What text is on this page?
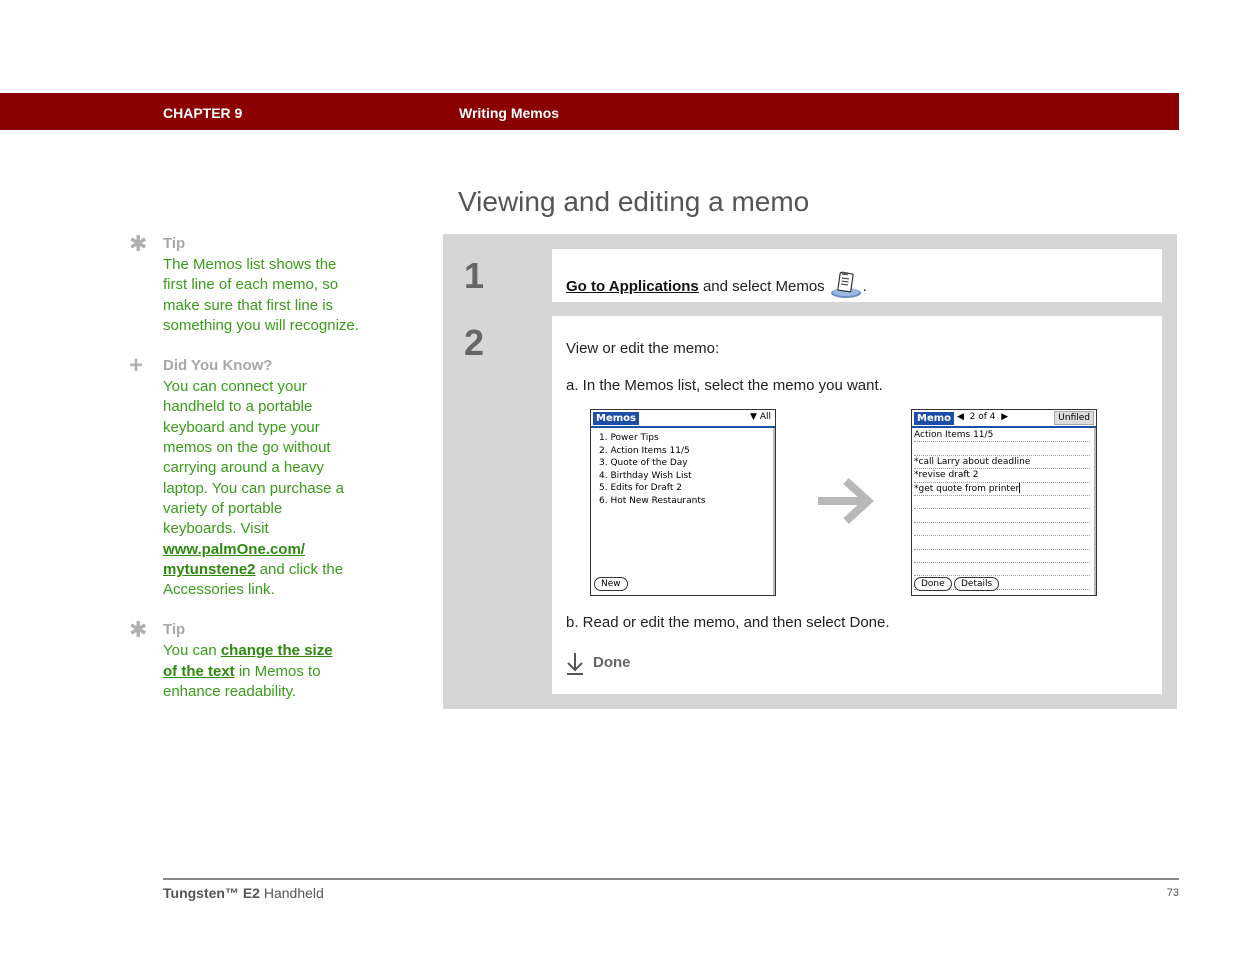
CHAPTER 9	Writing Memos
Viewing and editing a memo
✱ Tip
The Memos list shows the first line of each memo, so make sure that first line is something you will recognize.
+ Did You Know?
You can connect your handheld to a portable keyboard and type your memos on the go without carrying around a heavy laptop. You can purchase a variety of portable keyboards. Visit www.palmOne.com/
mytunstene2 and click the Accessories link.
✱ Tip
You can change the size
of the text in Memos to enhance readability.
1	Go to Applications and select Memos	.
2	View or edit the memo:
a. In the Memos list, select the memo you want.
Memos	▼ All
1. Power Tips
2. Action Items 11/5
3. Quote of the Day
4. Birthday Wish List
5. Edits for Draft 2
6. Hot New Restaurants
New
Memo ◀ 2 of 4 ▶	Unfiled
Action Items 11/5
*call Larry about deadline
*revise draft 2
*get quote from printer
Done	Details
b. Read or edit the memo, and then select Done.
Done
Tungsten™ E2 Handheld	73
